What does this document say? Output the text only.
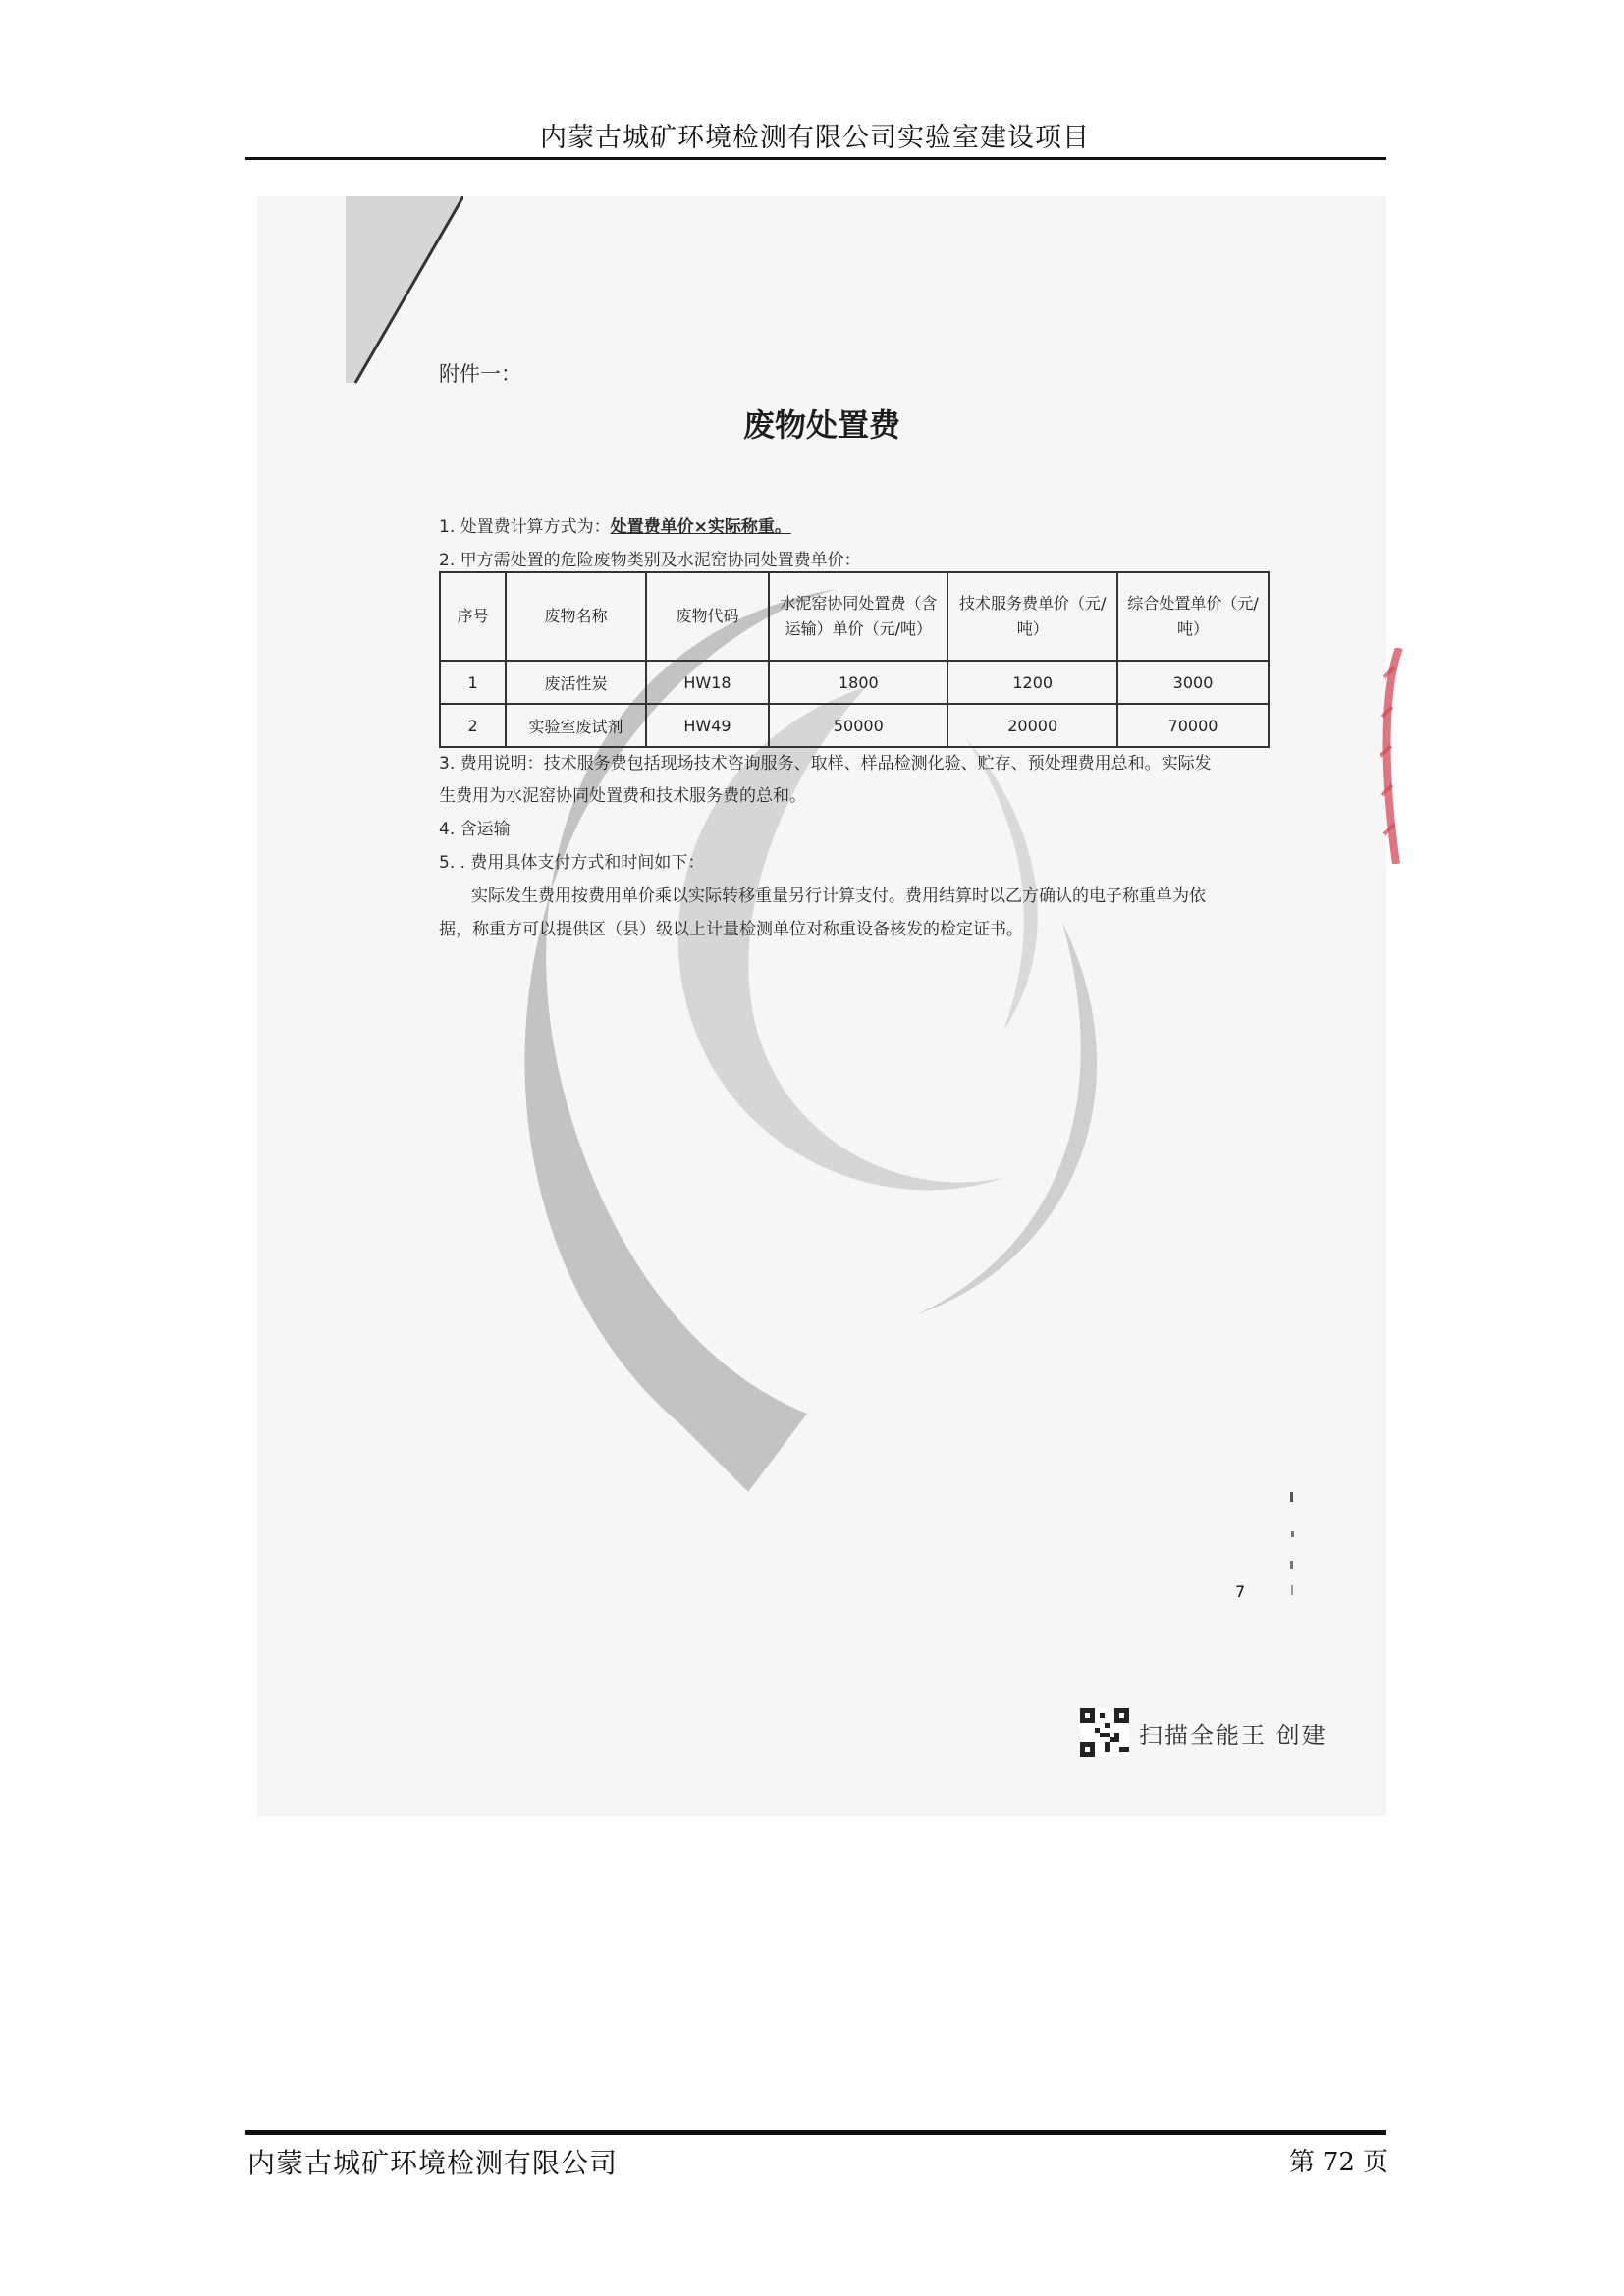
内蒙古城矿环境检测有限公司实验室建设项目
附件一：
废物处置费
1. 处置费计算方式为：处置费单价×实际称重。
2. 甲方需处置的危险废物类别及水泥窑协同处置费单价：
序号	废物名称	废物代码	水泥窑协同处置费（含运输）单价（元/吨）	技术服务费单价（元/吨）	综合处置单价（元/吨）
1	废活性炭	HW18	1800	1200	3000
2	实验室废试剂	HW49	50000	20000	70000
3. 费用说明：技术服务费包括现场技术咨询服务、取样、样品检测化验、贮存、预处理费用总和。实际发
生费用为水泥窑协同处置费和技术服务费的总和。
4. 含运输
5. . 费用具体支付方式和时间如下：
实际发生费用按费用单价乘以实际转移重量另行计算支付。费用结算时以乙方确认的电子称重单为依
据，称重方可以提供区（县）级以上计量检测单位对称重设备核发的检定证书。
7
扫描全能王 创建
内蒙古城矿环境检测有限公司	第 72 页
